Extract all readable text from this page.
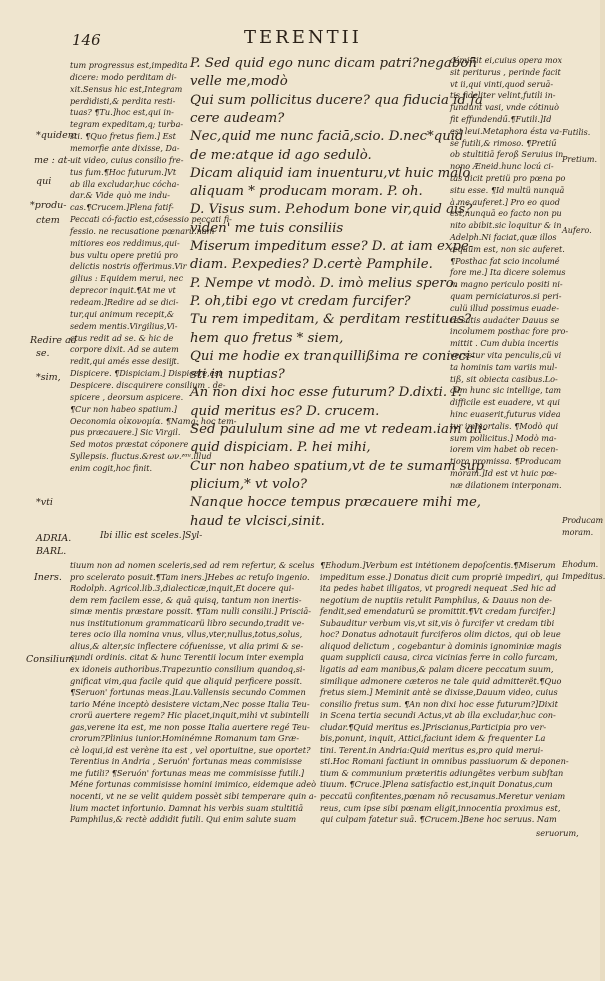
146	TERENTII
tum progressus est,impedita
dicere: modo perditam di-
xit.Sensus hic est,Integram
perdidisti,& perdita resti-
tuas? ¶Tu.]hoc est,qui in-
tegram expeditam,q; turba-
sti. ¶Quo fretus fiem.] Est
memorfie ante dixisse, Da-
uit video, cuius consilio fre-
tus fum.¶Hoc futurum.]Vt
ab illa excludar,huc cócha-
dar.& Vide quò me indu-
cas.¶Crucem.]Plena fatif-
Peccati có-factio est,cósessio peccati fi-
fessio. ne recusatione pœnarü.nam
mitiores eos reddimus,qui-
bus vultu opere pretiú pro
delictis nostris offerimus.Vir
gilius : Equidem merui, nec
deprecor inquit.¶At me vt
redeam.]Redire ad se dici-
tur,qui animum recepit,&
sedem mentis.Virgilius,Vi-
ctus redit ad se. & hic de
corpore dixit. Ad se autem
redit,qui amés esse desiĳt.
Dispicere. ¶Dispiciam.] Dispicere,est
Despicere. discquirere consilium . de-
spicere , deorsum aspicere.
¶Cur non habeo spatium.]
Oeconomia οἰκονομία. ¶Namq; hoc tem-
pus præcauere.] Sic Virgil.
Sed motos præstat cóponere
Syllepsis. fluctus.&rest ων.ᶻᵅᵘ.illud
enim cogit,hoc finit.
P. Sed quid ego nunc dicam patri?negabon̄
velle me,modò
Qui sum pollicitus ducere? qua fiducia id fa
cere audeam?
Nec,quid me nunc faciā,scio. D.nec*quid
de me:atque id ago sedulò.
Dicam aliquid iam inuenturu,vt huic malo
aliquam * producam moram. P. oh.
D. Visus sum. P.ehodum bone vir,quid ais?
viden' me tuis consiliis
Miserum impeditum esse? D. at iam expe-
diam. P.expedies? D.certè Pamphile.
P. Nempe vt modò. D. imò melius spero.
P. oh,tibi ego vt credam furcifer?
Tu rem impeditam, & perditam restituas?
hem quo fretus * siem,
Qui me hodie ex tranquillißima re conieci-
sti in nuptias?
An non dixi hoc esse futurum? D.dixti. P.
quid meritus es? D. crucem.
Sed paululum sine ad me vt redeam.iam ali-
quid dispiciam. P. hei mihi,
Cur non habeo spatium,vt de te sumam sup
plicium,* vt volo?
Nanque hocce tempus præcauere mihi me,
haud te vlcisci,sinit.
cómittit ei,cuius opera mox
sit periturus , perinde facit
vt ii,qui vinti,quod seruā-
tis fideliter velint,futili in-
fundunt vasi, vnde cótinuò
fit effundendű.¶Futili.]Id
est leui.Metaphora ésta va-
se futili,& rimoso. ¶Pretiű
ob stultitiā feroß Seruius in
nono Æneid.hunc locú ci-
tās dicit pretiü pro pœna po
situ esse. ¶Id multü nunquā
à me auferet.] Pro eo quod
est,nunquā eo facto non pu
nito abibit.sic loquitur & in
Adelph.Ni faciat,quæ illos
æquum est, non sic auferet.
¶Posthac fat scio incolumé
fore me.] Ita dicere solemus
in magno periculo positi ni-
quam perniciaturos.si peri-
culü illud possimus euade-
re:satis audaċter Dauus se
incolumem posthac fore pro-
mittit . Cum dubia incertis
versetur vita penculis,cü vi
ta hominis tam variis mul-
tiß, sit obiecta casibus.Lo-
cum hunc sic intellige, tam
difficile est euadere, vt qui
hinc euaserit,futurus videa
tur immortalis. ¶Modò qui
sum pollicitus.] Modò ma-
iorem vim habet ob recen-
tiora promissa. ¶Producam
moram.]Id est vt huic pœ-
næ dilationem interponam.
tiuum non ad nomen sceleris,sed ad rem refertur, & scelus
pro scelerato posuit.¶Tam iners.]Hebes ac retuſo ingenio.
Rodolph. Agricol.lib.3,dialecticæ,inquit,Et docere qui-
dem rem facilem esse, & quā quisq, tantum non inertis-
simæ mentis præstare possit. ¶Tam nulli consilii.] Prisciā-
nus institutionum grammaticarü libro secundo,tradit ve-
teres ocio illa nomina vnus, vllus,vter,nullus,totus,solus,
alius,& alter,sic inflectere cófuenisse, vt alia primi & se-
cundi ordinis. citat & hunc Terentii locum inter exempla
ex idoneis authoribus.Trapezuntio consilium quandoq,si-
gnificat vim,qua facile quid que aliquid perficere possit.
¶Seruon' fortunas meas.]Lau.Vallensis secundo Commen
tario Méne inceptò desistere victam,Nec posse Italia Teu-
crorü auertere regem? Hic placet,inquit,mihi vt subintelli
gas,verene ita est, me non posse Italia auertere regé Teu-
crorum?Plinius iunior.Hominémne Romanum tam Græ-
cè loqui,id est verène ita est , vel oportuitne, sue oportet?
Terentius in Andria , Seruón' fortunas meas commisisse
me futili? ¶Seruón' fortunas meas me commisisse futili.]
Méne fortunas commisisse homini imimico, eidemque adeò
nocenti, vt ne se velit quidem possèt sibi temperare quin a-
lium mactet infortunio. Damnat his verbis suam stultitiā
Pamphilus,& rectè addidit futili. Qui enim salute suam
¶Ehodum.]Verbum est intėtionem depoſcentis.¶Miserum
impeditum esse.] Donatus dicit cum propriè impediri, qui
ita pedes habet illigatos, vt progredi nequeat .Sed hic ad
negotium de nuptiis retulit Pamphilus, & Dauus non de-
fendit,sed emendaturū se promittit.¶Vt credam furcifer.]
Subauditur verbum vis,vt sit,vis ò furcifer vt credam tibi
hoc? Donatus adnotauit furciferos olim dictos, qui ob leue
aliquod delictum , cogebantur à dominis ignominiæ magis
quam supplicii causa, circa vicinias ferre in collo furcam,
ligatis ad eam manibus,& palam dicere peccatum suum,
similique admonere cæteros ne tale quid admitterët.¶Quo
fretus siem.] Meminit antè se dixisse,Dauum video, cuius
consilio fretus sum. ¶An non dixi hoc esse futurum?]Dixit
in Scena tertia secundi Actus,vt ab illa excludar,huc con-
cludar.¶Quid meritus es.]Priscianus,Participia pro ver-
bis,ponunt, inquit, Attici,faciunt idem & frequenter La
tini. Terent.in Andria:Quid meritus es,pro quid merui-
sti.Hoc Romani factiunt in omnibus passiuorum & deponen-
tium & communium præteritis adiungëtes verbum subſtan
tiuum. ¶Cruce.]Plena satisfactio est,inquit Donatus,cum
peccatü confitentes,pœnam nō recusamus.Meretur veniam
reus, cum ipse sibi pœnam eligit,innocentia proximus est,
qui culpam fatetur suā. ¶Crucem.]Bene hoc seruus. Nam
*quidem
me : at-
qui
*produ-
ctem
Redire ad
se.
*sim,
*vti
ADRIA.
BARL.
Ibi illic est sceles.]Syl-
Futilis.
Pretium.
Aufero.
Producam
moram.
Iners.
Consilium.
Ehodum.
Impeditus.
seruorum,
